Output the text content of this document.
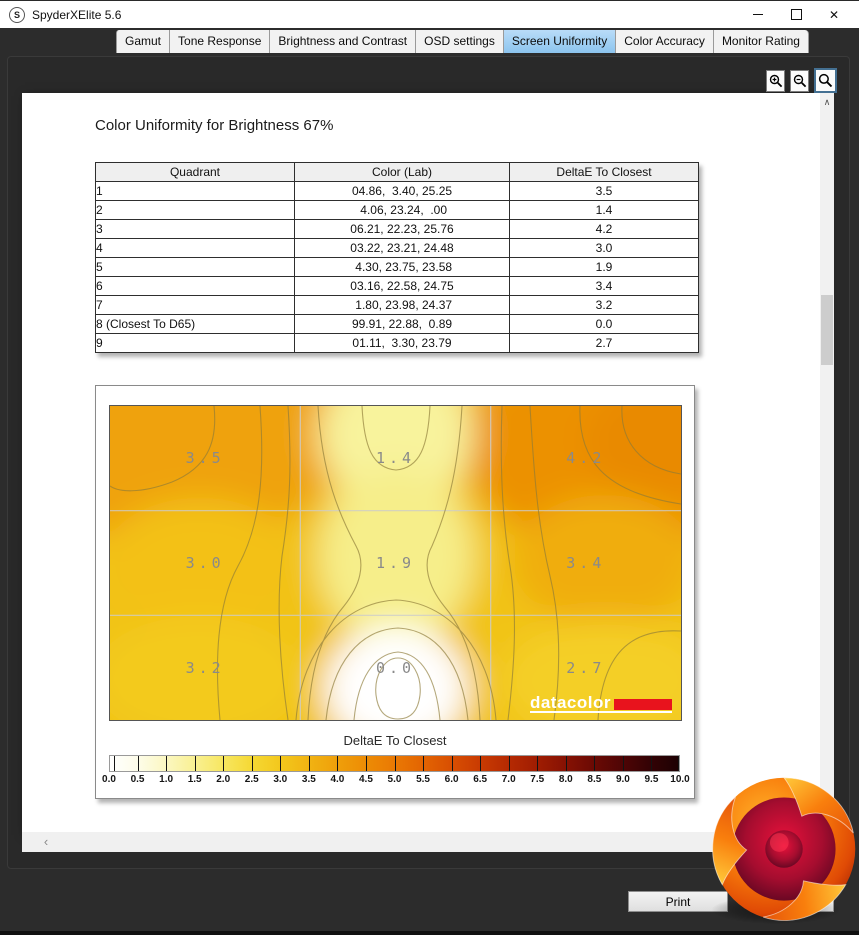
S	SpyderXElite 5.6	✕
Gamut	Tone Response	Brightness and Contrast	OSD settings	Screen Uniformity	Color Accuracy	Monitor Rating
Color Uniformity for Brightness 67%
Quadrant	Color (Lab)	DeltaE To Closest
1	04.86,  3.40, 25.25	3.5
2	4.06, 23.24,  .00	1.4
3	06.21, 22.23, 25.76	4.2
4	03.22, 23.21, 24.48	3.0
5	4.30, 23.75, 23.58	1.9
6	03.16, 22.58, 24.75	3.4
7	1.80, 23.98, 24.37	3.2
8 (Closest To D65)	99.91, 22.88,  0.89	0.0
9	01.11,  3.30, 23.79	2.7
3.5	1.4	4.2
3.0	1.9	3.4
3.2	0.0	2.7
datacolor
DeltaE To Closest
0.0 0.5 1.0 1.5 2.0 2.5 3.0 3.5 4.0 4.5 5.0 5.5 6.0 6.5 7.0 7.5 8.0 8.5 9.0 9.5 10.0
∧
‹
Print
